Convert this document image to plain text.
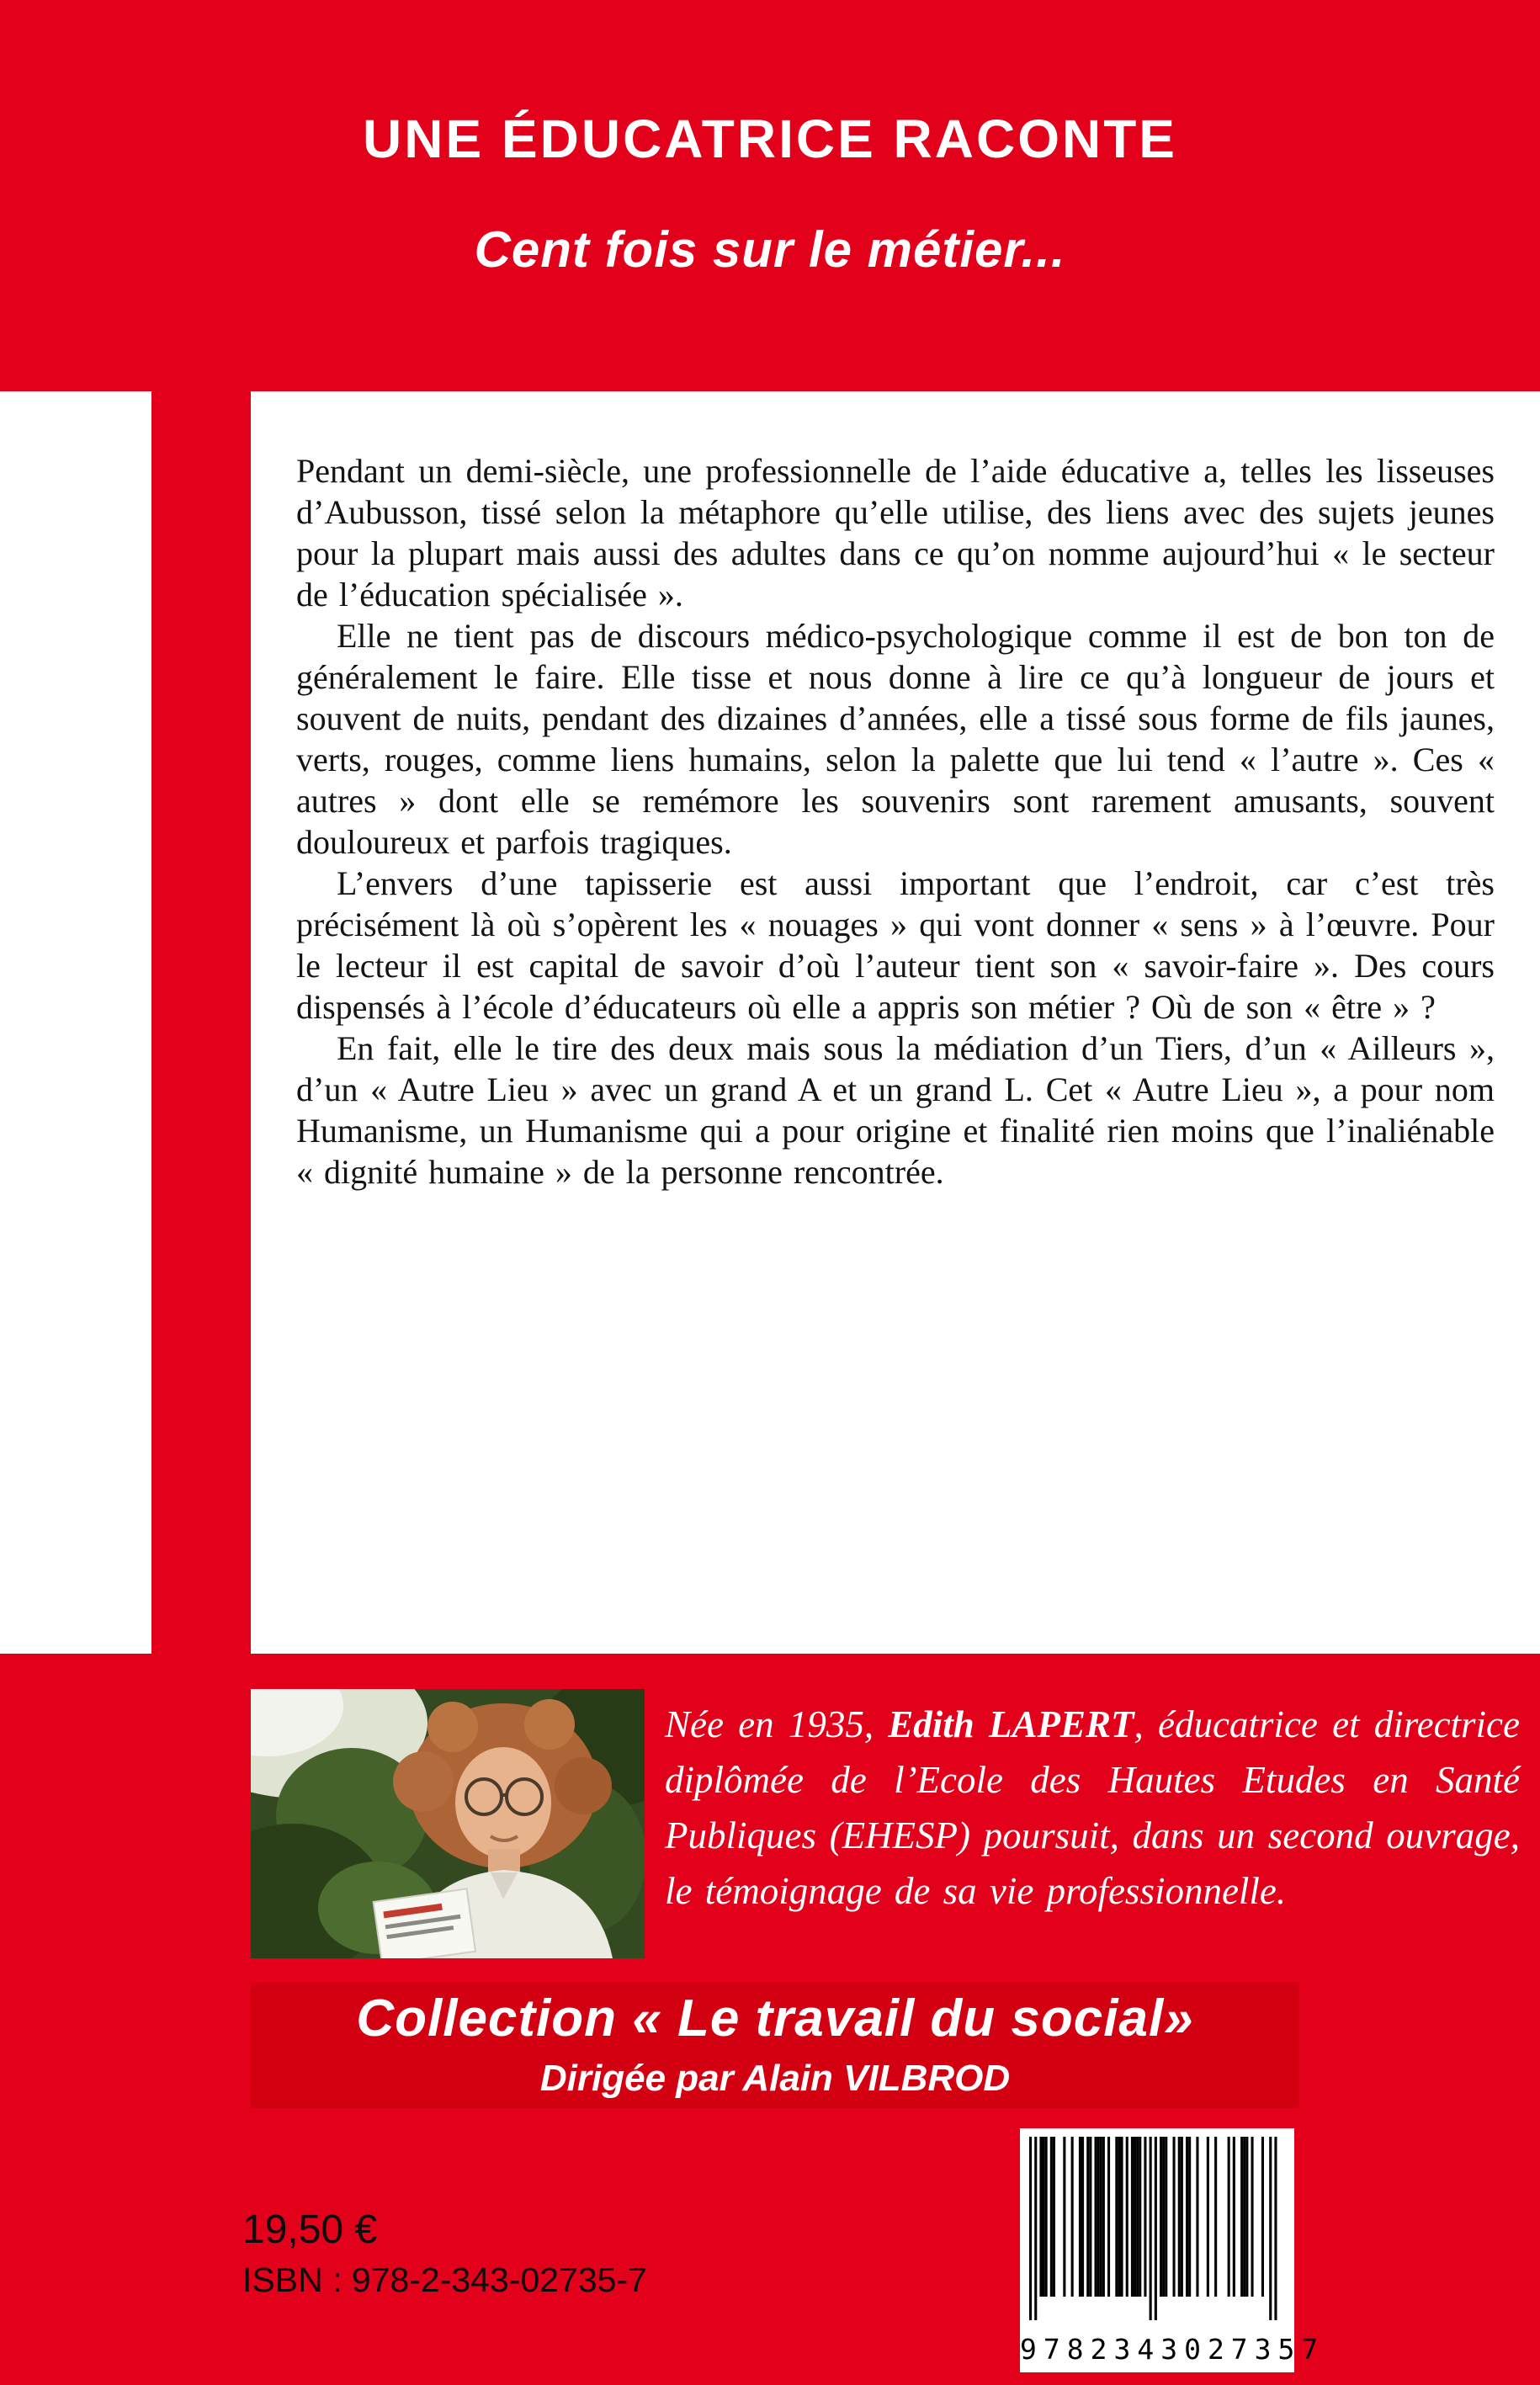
UNE ÉDUCATRICE RACONTE
Cent fois sur le métier...

Pendant un demi-siècle, une professionnelle de l’aide éducative a, telles les lisseuses d’Aubusson, tissé selon la métaphore qu’elle utilise, des liens avec des sujets jeunes pour la plupart mais aussi des adultes dans ce qu’on nomme aujourd’hui « le secteur de l’éducation spécialisée ».

Elle ne tient pas de discours médico-psychologique comme il est de bon ton de généralement le faire. Elle tisse et nous donne à lire ce qu’à longueur de jours et souvent de nuits, pendant des dizaines d’années, elle a tissé sous forme de fils jaunes, verts, rouges, comme liens humains, selon la palette que lui tend « l’autre ». Ces « autres » dont elle se remémore les souvenirs sont rarement amusants, souvent douloureux et parfois tragiques.

L’envers d’une tapisserie est aussi important que l’endroit, car c’est très précisément là où s’opèrent les « nouages » qui vont donner « sens » à l’œuvre. Pour le lecteur il est capital de savoir d’où l’auteur tient son « savoir-faire ». Des cours dispensés à l’école d’éducateurs où elle a appris son métier ? Où de son « être » ?

En fait, elle le tire des deux mais sous la médiation d’un Tiers, d’un « Ailleurs », d’un « Autre Lieu » avec un grand A et un grand L. Cet « Autre Lieu », a pour nom Humanisme, un Humanisme qui a pour origine et finalité rien moins que l’inaliénable « dignité humaine » de la personne rencontrée.

Née en 1935, Edith LAPERT, éducatrice et directrice diplômée de l’Ecole des Hautes Etudes en Santé Publiques (EHESP) poursuit, dans un second ouvrage, le témoignage de sa vie professionnelle.
Collection « Le travail du social»
Dirigée par Alain VILBROD
19,50 €
ISBN : 978-2-343-02735-7
9782343027357
